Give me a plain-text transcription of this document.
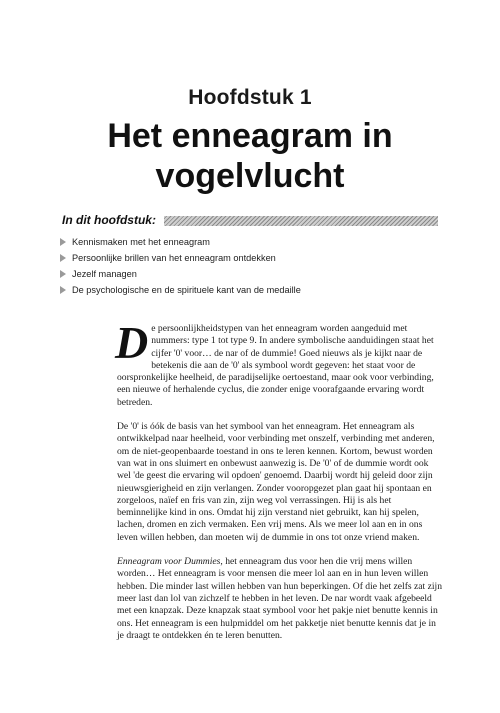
Hoofdstuk 1
Het enneagram in
vogelvlucht
In dit hoofdstuk:
Kennismaken met het enneagram
Persoonlijke brillen van het enneagram ontdekken
Jezelf managen
De psychologische en de spirituele kant van de medaille

De persoonlijkheidstypen van het enneagram worden aangeduid met nummers: type 1 tot type 9. In andere symbolische aanduidingen staat het cijfer '0' voor… de nar of de dummie! Goed nieuws als je kijkt naar de betekenis die aan de '0' als symbool wordt gegeven: het staat voor de oorspronkelijke heelheid, de paradijselijke oertoestand, maar ook voor verbinding, een nieuwe of herhalende cyclus, die zonder enige voorafgaande ervaring wordt betreden.

De '0' is óók de basis van het symbool van het enneagram. Het enneagram als ontwikkelpad naar heelheid, voor verbinding met onszelf, verbinding met anderen, om de niet-geopenbaarde toestand in ons te leren kennen. Kortom, bewust worden van wat in ons sluimert en onbewust aanwezig is. De '0' of de dummie wordt ook wel 'de geest die ervaring wil opdoen' genoemd. Daarbij wordt hij geleid door zijn nieuwsgierigheid en zijn verlangen. Zonder vooropgezet plan gaat hij spontaan en zorgeloos, naïef en fris van zin, zijn weg vol verrassingen. Hij is als het beminnelijke kind in ons. Omdat hij zijn verstand niet gebruikt, kan hij spelen, lachen, dromen en zich vermaken. Een vrij mens. Als we meer lol aan en in ons leven willen hebben, dan moeten wij de dummie in ons tot onze vriend maken.

Enneagram voor Dummies, het enneagram dus voor hen die vrij mens willen worden… Het enneagram is voor mensen die meer lol aan en in hun leven willen hebben. Die minder last willen hebben van hun beperkingen. Of die het zelfs zat zijn meer last dan lol van zichzelf te hebben in het leven. De nar wordt vaak afgebeeld met een knapzak. Deze knapzak staat symbool voor het pakje niet benutte kennis in ons. Het enneagram is een hulpmiddel om het pakketje niet benutte kennis dat je in je draagt te ontdekken én te leren benutten.
